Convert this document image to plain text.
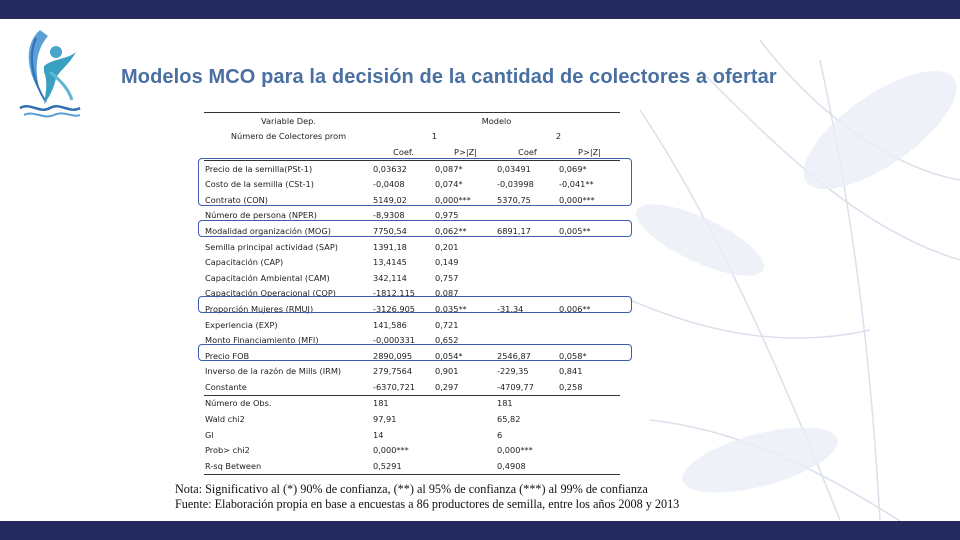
Modelos MCO para la decisión de la cantidad de colectores a ofertar
Variable Dep.	Modelo			
Número de Colectores prom	1		2	
	Coef.	P>|Z|	Coef	P>|Z|
Precio de la semilla(PSt-1)	0,03632	0,087*	0,03491	0,069*
Costo de la semilla (CSt-1)	-0,0408	0,074*	-0,03998	-0,041**
Contrato (CON)	5149,02	0,000***	5370,75	0,000***
Número de persona (NPER)	-8,9308	0,975		
Modalidad organización (MOG)	7750,54	0,062**	6891,17	0,005**
Semilla principal actividad (SAP)	1391,18	0,201		
Capacitación (CAP)	13,4145	0,149		
Capacitación Ambiental (CAM)	342,114	0,757		
Capacitación Operacional (COP)	-1812,115	0,087		
Proporción Mujeres (RMUJ)	-3126,905	0,035**	-31,34	0,006**
Experiencia (EXP)	141,586	0,721		
Monto Financiamiento (MFI)	-0,000331	0,652		
Precio FOB	2890,095	0,054*	2546,87	0,058*
Inverso de la razón de Mills (IRM)	279,7564	0,901	-229,35	0,841
Constante	-6370,721	0,297	-4709,77	0,258
Número de Obs.	181		181	
Wald chi2	97,91		65,82	
Gl	14		6	
Prob> chi2	0,000***		0,000***	
R-sq Between	0,5291		0,4908	
Nota: Significativo al (*) 90% de confianza, (**) al 95% de confianza (***) al 99% de confianza
Fuente: Elaboración propia en base a encuestas a 86 productores de semilla, entre los años 2008 y 2013
